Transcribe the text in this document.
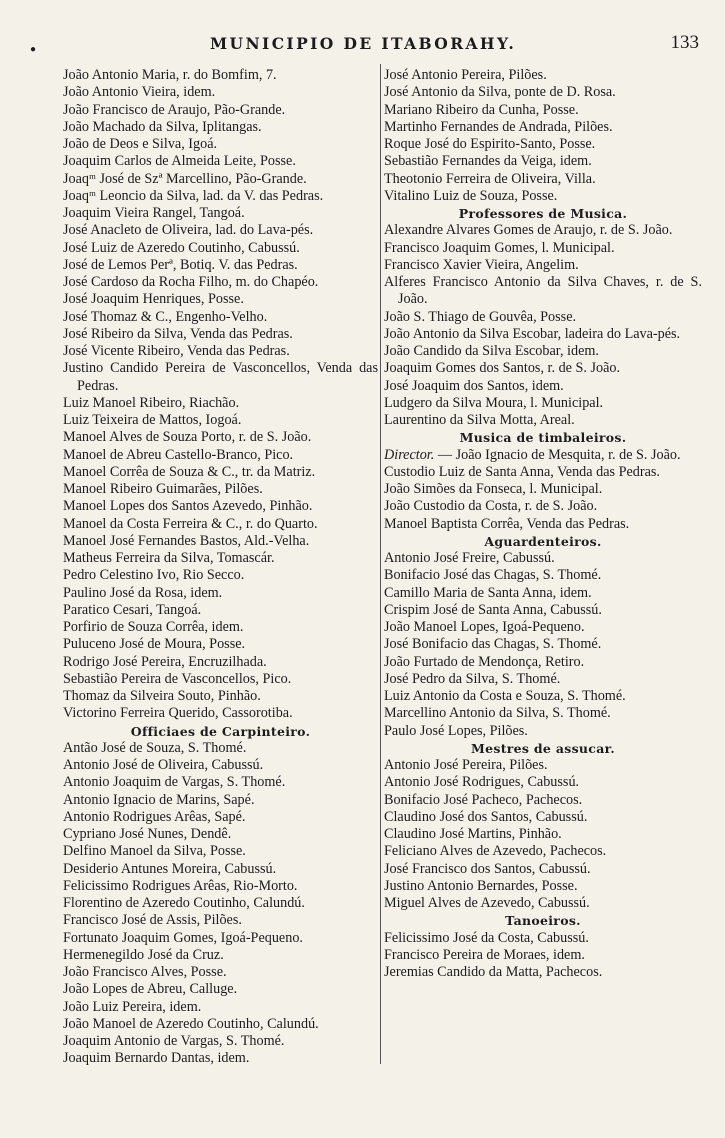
MUNICIPIO DE ITABORAHY.	133
●
João Antonio Maria, r. do Bomfim, 7.
João Antonio Vieira, idem.
João Francisco de Araujo, Pão-Grande.
João Machado da Silva, Iplitangas.
João de Deos e Silva, Igoá.
Joaquim Carlos de Almeida Leite, Posse.
Joaqᵐ José de Szª Marcellino, Pão-Grande.
Joaqᵐ Leoncio da Silva, lad. da V. das Pedras.
Joaquim Vieira Rangel, Tangoá.
José Anacleto de Oliveira, lad. do Lava-pés.
José Luiz de Azeredo Coutinho, Cabussú.
José de Lemos Perª, Botiq. V. das Pedras.
José Cardoso da Rocha Filho, m. do Chapéo.
José Joaquim Henriques, Posse.
José Thomaz & C., Engenho-Velho.
José Ribeiro da Silva, Venda das Pedras.
José Vicente Ribeiro, Venda das Pedras.
Justino Candido Pereira de Vasconcellos, Venda das Pedras.
Luiz Manoel Ribeiro, Riachão.
Luiz Teixeira de Mattos, Iogoá.
Manoel Alves de Souza Porto, r. de S. João.
Manoel de Abreu Castello-Branco, Pico.
Manoel Corrêa de Souza & C., tr. da Matriz.
Manoel Ribeiro Guimarães, Pilões.
Manoel Lopes dos Santos Azevedo, Pinhão.
Manoel da Costa Ferreira & C., r. do Quarto.
Manoel José Fernandes Bastos, Ald.-Velha.
Matheus Ferreira da Silva, Tomascár.
Pedro Celestino Ivo, Rio Secco.
Paulino José da Rosa, idem.
Paratico Cesari, Tangoá.
Porfirio de Souza Corrêa, idem.
Puluceno José de Moura, Posse.
Rodrigo José Pereira, Encruzilhada.
Sebastião Pereira de Vasconcellos, Pico.
Thomaz da Silveira Souto, Pinhão.
Victorino Ferreira Querido, Cassorotiba.
Officiaes de Carpinteiro.
Antão José de Souza, S. Thomé.
Antonio José de Oliveira, Cabussú.
Antonio Joaquim de Vargas, S. Thomé.
Antonio Ignacio de Marins, Sapé.
Antonio Rodrigues Arêas, Sapé.
Cypriano José Nunes, Dendê.
Delfino Manoel da Silva, Posse.
Desiderio Antunes Moreira, Cabussú.
Felicissimo Rodrigues Arêas, Rio-Morto.
Florentino de Azeredo Coutinho, Calundú.
Francisco José de Assis, Pilões.
Fortunato Joaquim Gomes, Igoá-Pequeno.
Hermenegildo José da Cruz.
João Francisco Alves, Posse.
João Lopes de Abreu, Calluge.
João Luiz Pereira, idem.
João Manoel de Azeredo Coutinho, Calundú.
Joaquim Antonio de Vargas, S. Thomé.
Joaquim Bernardo Dantas, idem.
José Antonio Pereira, Pilões.
José Antonio da Silva, ponte de D. Rosa.
Mariano Ribeiro da Cunha, Posse.
Martinho Fernandes de Andrada, Pilões.
Roque José do Espirito-Santo, Posse.
Sebastião Fernandes da Veiga, idem.
Theotonio Ferreira de Oliveira, Villa.
Vitalino Luiz de Souza, Posse.
Professores de Musica.
Alexandre Alvares Gomes de Araujo, r. de S. João.
Francisco Joaquim Gomes, l. Municipal.
Francisco Xavier Vieira, Angelim.
Alferes Francisco Antonio da Silva Chaves, r. de S. João.
João S. Thiago de Gouvêa, Posse.
João Antonio da Silva Escobar, ladeira do Lava-pés.
João Candido da Silva Escobar, idem.
Joaquim Gomes dos Santos, r. de S. João.
José Joaquim dos Santos, idem.
Ludgero da Silva Moura, l. Municipal.
Laurentino da Silva Motta, Areal.
Musica de timbaleiros.
Director. — João Ignacio de Mesquita, r. de S. João.
Custodio Luiz de Santa Anna, Venda das Pedras.
João Simões da Fonseca, l. Municipal.
João Custodio da Costa, r. de S. João.
Manoel Baptista Corrêa, Venda das Pedras.
Aguardenteiros.
Antonio José Freire, Cabussú.
Bonifacio José das Chagas, S. Thomé.
Camillo Maria de Santa Anna, idem.
Crispim José de Santa Anna, Cabussú.
João Manoel Lopes, Igoá-Pequeno.
José Bonifacio das Chagas, S. Thomé.
João Furtado de Mendonça, Retiro.
José Pedro da Silva, S. Thomé.
Luiz Antonio da Costa e Souza, S. Thomé.
Marcellino Antonio da Silva, S. Thomé.
Paulo José Lopes, Pilões.
Mestres de assucar.
Antonio José Pereira, Pilões.
Antonio José Rodrigues, Cabussú.
Bonifacio José Pacheco, Pachecos.
Claudino José dos Santos, Cabussú.
Claudino José Martins, Pinhão.
Feliciano Alves de Azevedo, Pachecos.
José Francisco dos Santos, Cabussú.
Justino Antonio Bernardes, Posse.
Miguel Alves de Azevedo, Cabussú.
Tanoeiros.
Felicissimo José da Costa, Cabussú.
Francisco Pereira de Moraes, idem.
Jeremias Candido da Matta, Pachecos.
